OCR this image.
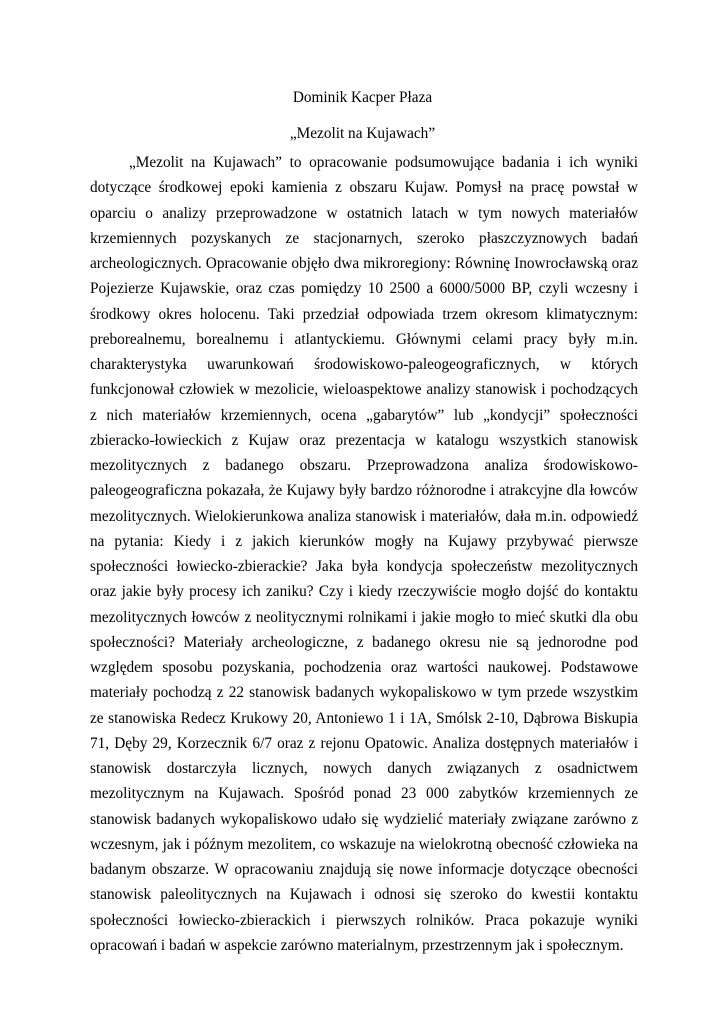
Dominik Kacper Płaza
„Mezolit na Kujawach”

„Mezolit na Kujawach” to opracowanie podsumowujące badania i ich wyniki dotyczące środkowej epoki kamienia z obszaru Kujaw. Pomysł na pracę powstał w oparciu o analizy przeprowadzone w ostatnich latach w tym nowych materiałów krzemiennych pozyskanych ze stacjonarnych, szeroko płaszczyznowych badań archeologicznych. Opracowanie objęło dwa mikroregiony: Równinę Inowrocławską oraz Pojezierze Kujawskie, oraz czas pomiędzy 10 2500 a 6000/5000 BP, czyli wczesny i środkowy okres holocenu. Taki przedział odpowiada trzem okresom klimatycznym: preborealnemu, borealnemu i atlantyckiemu. Głównymi celami pracy były m.in. charakterystyka uwarunkowań środowiskowo-paleogeograficznych, w których funkcjonował człowiek w mezolicie, wieloaspektowe analizy stanowisk i pochodzących z nich materiałów krzemiennych, ocena „gabarytów” lub „kondycji” społeczności zbieracko-łowieckich z Kujaw oraz prezentacja w katalogu wszystkich stanowisk mezolitycznych z badanego obszaru. Przeprowadzona analiza środowiskowo-paleogeograficzna pokazała, że Kujawy były bardzo różnorodne i atrakcyjne dla łowców mezolitycznych. Wielokierunkowa analiza stanowisk i materiałów, dała m.in. odpowiedź na pytania: Kiedy i z jakich kierunków mogły na Kujawy przybywać pierwsze społeczności łowiecko-zbierackie? Jaka była kondycja społeczeństw mezolitycznych oraz jakie były procesy ich zaniku? Czy i kiedy rzeczywiście mogło dojść do kontaktu mezolitycznych łowców z neolitycznymi rolnikami i jakie mogło to mieć skutki dla obu społeczności? Materiały archeologiczne, z badanego okresu nie są jednorodne pod względem sposobu pozyskania, pochodzenia oraz wartości naukowej. Podstawowe materiały pochodzą z 22 stanowisk badanych wykopaliskowo w tym przede wszystkim ze stanowiska Redecz Krukowy 20, Antoniewo 1 i 1A, Smólsk 2-10, Dąbrowa Biskupia 71, Dęby 29, Korzecznik 6/7 oraz z rejonu Opatowic. Analiza dostępnych materiałów i stanowisk dostarczyła licznych, nowych danych związanych z osadnictwem mezolitycznym na Kujawach. Spośród ponad 23 000 zabytków krzemiennych ze stanowisk badanych wykopaliskowo udało się wydzielić materiały związane zarówno z wczesnym, jak i późnym mezolitem, co wskazuje na wielokrotną obecność człowieka na badanym obszarze. W opracowaniu znajdują się nowe informacje dotyczące obecności stanowisk paleolitycznych na Kujawach i odnosi się szeroko do kwestii kontaktu społeczności łowiecko-zbierackich i pierwszych rolników. Praca pokazuje wyniki opracowań i badań w aspekcie zarówno materialnym, przestrzennym jak i społecznym.
